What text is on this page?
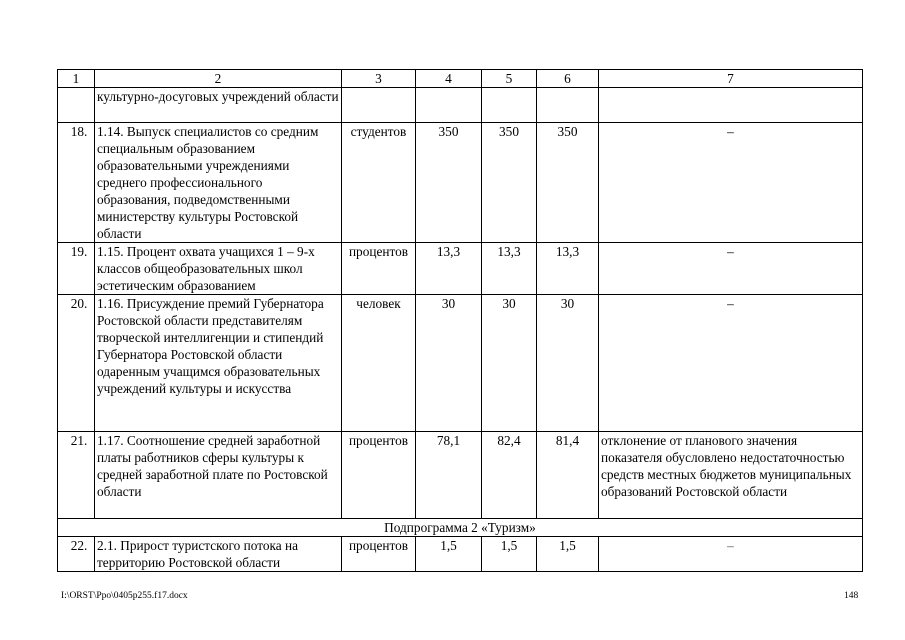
1	2	3	4	5	6	7
	культурно-досуговых учреждений области					
18.	1.14. Выпуск специалистов со средним специальным образованием образовательными учреждениями среднего профессионального образования, подведомственными министерству культуры Ростовской области	студентов	350	350	350	–
19.	1.15. Процент охвата учащихся 1 – 9-х классов общеобразовательных школ эстетическим образованием	процентов	13,3	13,3	13,3	–
20.	1.16. Присуждение премий Губернатора Ростовской области представителям творческой интеллигенции и стипендий Губернатора Ростовской области одаренным учащимся образовательных учреждений культуры и искусства	человек	30	30	30	–
21.	1.17. Соотношение средней заработной платы работников сферы культуры к средней заработной плате по Ростовской области	процентов	78,1	82,4	81,4	отклонение от планового значения показателя обусловлено недостаточностью средств местных бюджетов муниципальных образований Ростовской области
Подпрограмма 2 «Туризм»						
22.	2.1. Прирост туристского потока на территорию Ростовской области	процентов	1,5	1,5	1,5	–
I:\ORST\Ppo\0405p255.f17.docx	148
